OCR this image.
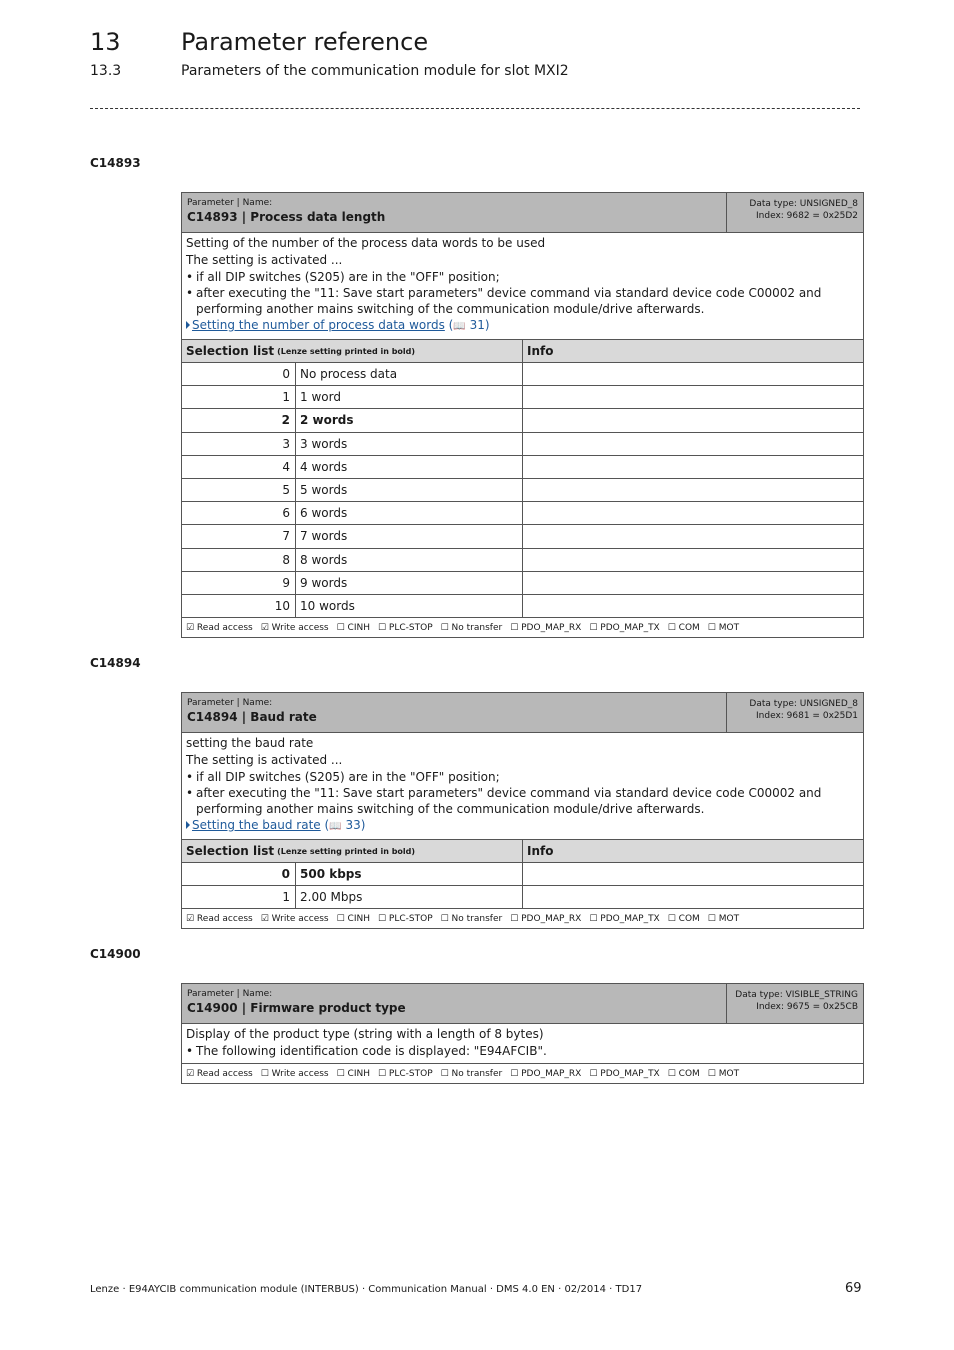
13	Parameter reference
13.3	Parameters of the communication module for slot MXI2
C14893
Parameter | Name:
C14893 | Process data length
Data type: UNSIGNED_8
Index: 9682 = 0x25D2
Setting of the number of the process data words to be used
The setting is activated ...
• if all DIP switches (S205) are in the "OFF" position;
• after executing the "11: Save start parameters" device command via standard device code C00002 and
performing another mains switching of the communication module/drive afterwards.
Setting the number of process data words (📖 31)
Selection list (Lenze setting printed in bold)	Info
0 No process data
1 1 word
2 2 words
3 3 words
4 4 words
5 5 words
6 6 words
7 7 words
8 8 words
9 9 words
10 10 words
☑ Read access ☑ Write access ☐ CINH ☐ PLC-STOP ☐ No transfer ☐ PDO_MAP_RX ☐ PDO_MAP_TX ☐ COM ☐ MOT
C14894
Parameter | Name:
C14894 | Baud rate
Data type: UNSIGNED_8
Index: 9681 = 0x25D1
setting the baud rate
The setting is activated ...
• if all DIP switches (S205) are in the "OFF" position;
• after executing the "11: Save start parameters" device command via standard device code C00002 and
performing another mains switching of the communication module/drive afterwards.
Setting the baud rate (📖 33)
Selection list (Lenze setting printed in bold)	Info
0 500 kbps
1 2.00 Mbps
☑ Read access ☑ Write access ☐ CINH ☐ PLC-STOP ☐ No transfer ☐ PDO_MAP_RX ☐ PDO_MAP_TX ☐ COM ☐ MOT
C14900
Parameter | Name:
C14900 | Firmware product type
Data type: VISIBLE_STRING
Index: 9675 = 0x25CB
Display of the product type (string with a length of 8 bytes)
• The following identification code is displayed: "E94AFCIB".
☑ Read access ☐ Write access ☐ CINH ☐ PLC-STOP ☐ No transfer ☐ PDO_MAP_RX ☐ PDO_MAP_TX ☐ COM ☐ MOT
Lenze · E94AYCIB communication module (INTERBUS) · Communication Manual · DMS 4.0 EN · 02/2014 · TD17	69
